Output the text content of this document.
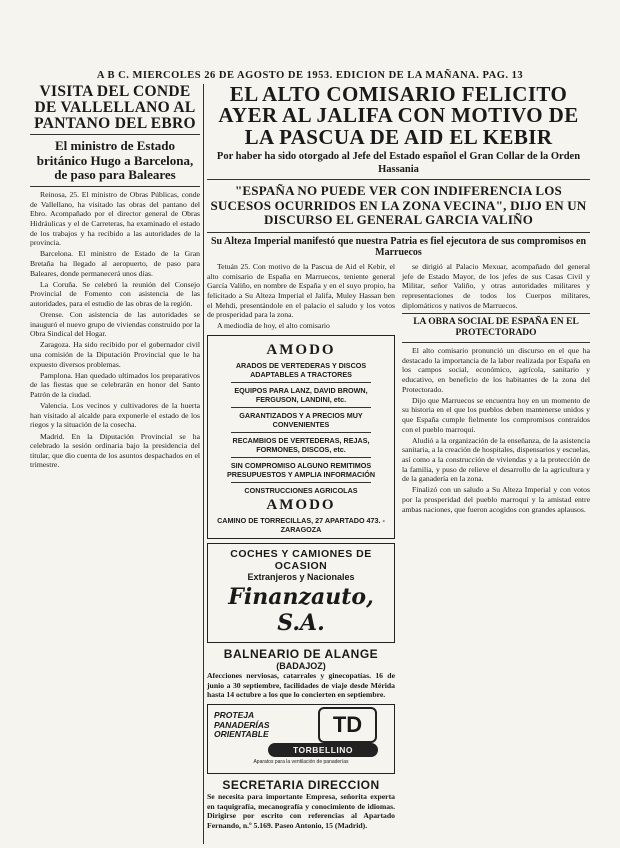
A B C. MIERCOLES 26 DE AGOSTO DE 1953. EDICION DE LA MAÑANA. PAG. 13
VISITA DEL CONDE DE VALLELLANO AL PANTANO DEL EBRO
El ministro de Estado británico Hugo a Barcelona, de paso para Baleares

Reinosa, 25. El ministro de Obras Públicas, conde de Vallellano, ha visitado las obras del pantano del Ebro. Acompañado por el director general de Obras Hidráulicas y el de Carreteras, ha examinado el estado de los trabajos y ha recibido a las autoridades de la provincia.

Barcelona. El ministro de Estado de la Gran Bretaña ha llegado al aeropuerto, de paso para Baleares, donde permanecerá unos días.

La Coruña. Se celebró la reunión del Consejo Provincial de Fomento con asistencia de las autoridades, para el estudio de las obras de la región.

Orense. Con asistencia de las autoridades se inauguró el nuevo grupo de viviendas construido por la Obra Sindical del Hogar.

Zaragoza. Ha sido recibido por el gobernador civil una comisión de la Diputación Provincial que le ha expuesto diversos problemas.

Pamplona. Han quedado ultimados los preparativos de las fiestas que se celebrarán en honor del Santo Patrón de la ciudad.

Valencia. Los vecinos y cultivadores de la huerta han visitado al alcalde para exponerle el estado de los riegos y la situación de la cosecha.

Madrid. En la Diputación Provincial se ha celebrado la sesión ordinaria bajo la presidencia del titular, que dio cuenta de los asuntos despachados en el trimestre.

EL ALTO COMISARIO FELICITO AYER AL JALIFA CON MOTIVO DE LA PASCUA DE AID EL KEBIR
Por haber ha sido otorgado al Jefe del Estado español el Gran Collar de la Orden Hassania
"ESPAÑA NO PUEDE VER CON INDIFERENCIA LOS SUCESOS OCURRIDOS EN LA ZONA VECINA", DIJO EN UN DISCURSO EL GENERAL GARCIA VALIÑO
Su Alteza Imperial manifestó que nuestra Patria es fiel ejecutora de sus compromisos en Marruecos

Tetuán 25. Con motivo de la Pascua de Aid el Kebir, el alto comisario de España en Marruecos, teniente general García Valiño, en nombre de España y en el suyo propio, ha felicitado a Su Alteza Imperial el Jalifa, Muley Hassan ben el Mehdi, presentándole en el palacio el saludo y los votos de prosperidad para la zona.

A mediodía de hoy, el alto comisario

AMODO
ARADOS DE VERTEDERAS Y DISCOS ADAPTABLES A TRACTORES
EQUIPOS PARA LANZ, DAVID BROWN, FERGUSON, LANDINI, etc.
GARANTIZADOS Y A PRECIOS MUY CONVENIENTES
RECAMBIOS DE VERTEDERAS, REJAS, FORMONES, DISCOS, etc.
SIN COMPROMISO ALGUNO REMITIMOS PRESUPUESTOS Y AMPLIA INFORMACIÓN
CONSTRUCCIONES AGRICOLAS
AMODO
CAMINO DE TORRECILLAS, 27 APARTADO 473. - ZARAGOZA
COCHES Y CAMIONES DE OCASION
Extranjeros y Nacionales
Finanzauto, S.A.
BALNEARIO DE ALANGE
(BADAJOZ)

Afecciones nerviosas, catarrales y ginecopatías. 16 de junio a 30 septiembre, facilidades de viaje desde Mérida hasta 14 octubre a los que lo concierten en septiembre.

PROTEJA PANADERÍAS ORIENTABLE	TD
TORBELLINO
Aparatos para la ventilación de panaderías
SECRETARIA DIRECCION

Se necesita para importante Empresa, señorita experta en taquigrafía, mecanografía y conocimiento de idiomas. Dirigirse por escrito con referencias al Apartado Fernando, n.º 5.169. Paseo Antonio, 15 (Madrid).

se dirigió al Palacio Mexuar, acompañado del general jefe de Estado Mayor, de los jefes de sus Casas Civil y Militar, señor Valiño, y otras autoridades militares y representaciones de todos los Cuerpos militares, diplomáticos y nativos de Marruecos.

LA OBRA SOCIAL DE ESPAÑA EN EL PROTECTORADO

El alto comisario pronunció un discurso en el que ha destacado la importancia de la labor realizada por España en los campos social, económico, agrícola, sanitario y educativo, en beneficio de los habitantes de la zona del Protectorado.

Dijo que Marruecos se encuentra hoy en un momento de su historia en el que los pueblos deben mantenerse unidos y que España cumple fielmente los compromisos contraídos con el pueblo marroquí.

Aludió a la organización de la enseñanza, de la asistencia sanitaria, a la creación de hospitales, dispensarios y escuelas, así como a la construcción de viviendas y a la protección de la familia, y puso de relieve el desarrollo de la agricultura y de la ganadería en la zona.

Finalizó con un saludo a Su Alteza Imperial y con votos por la prosperidad del pueblo marroquí y la amistad entre ambas naciones, que fueron acogidos con grandes aplausos.
